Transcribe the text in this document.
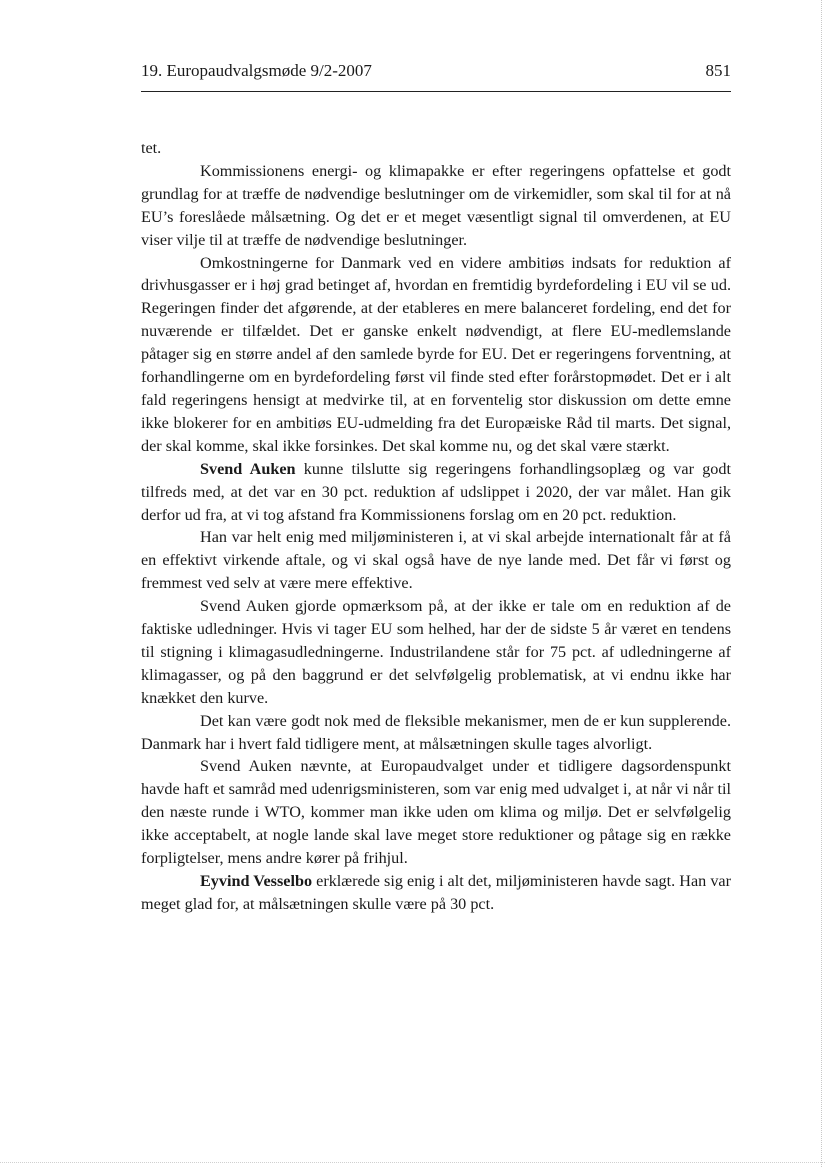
19. Europaudvalgsmøde 9/2-2007	851

tet.

Kommissionens energi- og klimapakke er efter regeringens opfattelse et godt grundlag for at træffe de nødvendige beslutninger om de virkemidler, som skal til for at nå EU’s foreslåede målsætning. Og det er et meget væsentligt signal til omverdenen, at EU viser vilje til at træffe de nødvendige beslutninger.

Omkostningerne for Danmark ved en videre ambitiøs indsats for reduktion af drivhusgasser er i høj grad betinget af, hvordan en fremtidig byrdefordeling i EU vil se ud. Regeringen finder det afgørende, at der etableres en mere balanceret fordeling, end det for nuværende er tilfældet. Det er ganske enkelt nødvendigt, at flere EU-medlemslande påtager sig en større andel af den samlede byrde for EU. Det er regeringens forventning, at forhandlingerne om en byrdefordeling først vil finde sted efter forårstopmødet. Det er i alt fald regeringens hensigt at medvirke til, at en forventelig stor diskussion om dette emne ikke blokerer for en ambitiøs EU-udmelding fra det Europæiske Råd til marts. Det signal, der skal komme, skal ikke forsinkes. Det skal komme nu, og det skal være stærkt.

Svend Auken kunne tilslutte sig regeringens forhandlingsoplæg og var godt tilfreds med, at det var en 30 pct. reduktion af udslippet i 2020, der var målet. Han gik derfor ud fra, at vi tog afstand fra Kommissionens forslag om en 20 pct. reduktion.

Han var helt enig med miljøministeren i, at vi skal arbejde internationalt får at få en effektivt virkende aftale, og vi skal også have de nye lande med. Det får vi først og fremmest ved selv at være mere effektive.

Svend Auken gjorde opmærksom på, at der ikke er tale om en reduktion af de faktiske udledninger. Hvis vi tager EU som helhed, har der de sidste 5 år været en tendens til stigning i klimagasudledningerne. Industrilandene står for 75 pct. af udledningerne af klimagasser, og på den baggrund er det selvfølgelig problematisk, at vi endnu ikke har knækket den kurve.

Det kan være godt nok med de fleksible mekanismer, men de er kun supplerende. Danmark har i hvert fald tidligere ment, at målsætningen skulle tages alvorligt.

Svend Auken nævnte, at Europaudvalget under et tidligere dagsordenspunkt havde haft et samråd med udenrigsministeren, som var enig med udvalget i, at når vi når til den næste runde i WTO, kommer man ikke uden om klima og miljø. Det er selvfølgelig ikke acceptabelt, at nogle lande skal lave meget store reduktioner og påtage sig en række forpligtelser, mens andre kører på frihjul.

Eyvind Vesselbo erklærede sig enig i alt det, miljøministeren havde sagt. Han var meget glad for, at målsætningen skulle være på 30 pct.
